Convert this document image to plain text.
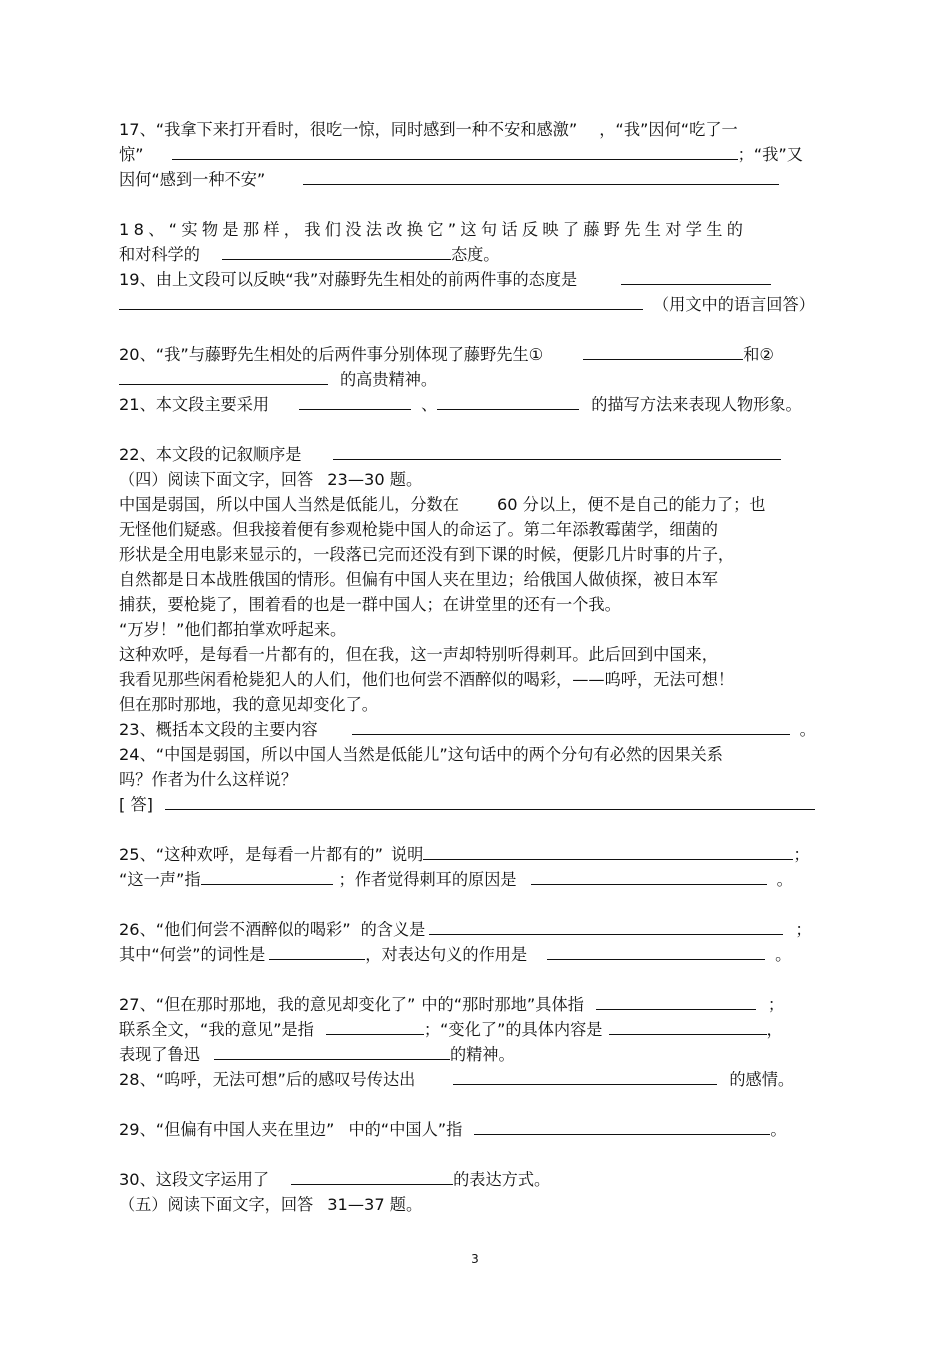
17、“我拿下来打开看时，很吃一惊，同时感到一种不安和感激” ，“我”因何“吃了一
惊”	；“我”又
因何“感到一种不安”
18、“实物是那样，我们没法改换它”这句话反映了藤野先生对学生的
和对科学的	态度。
19、由上文段可以反映“我”对藤野先生相处的前两件事的态度是
（用文中的语言回答）
20、“我”与藤野先生相处的后两件事分别体现了藤野先生①	和②
的高贵精神。
21、本文段主要采用	、	的描写方法来表现人物形象。
22、本文段的记叙顺序是
（四）阅读下面文字，回答 23—30 题。
中国是弱国，所以中国人当然是低能儿，分数在 60 分以上，便不是自己的能力了；也
无怪他们疑惑。但我接着便有参观枪毙中国人的命运了。第二年添教霉菌学，细菌的
形状是全用电影来显示的，一段落已完而还没有到下课的时候，便影几片时事的片子，
自然都是日本战胜俄国的情形。但偏有中国人夹在里边；给俄国人做侦探，被日本军
捕获，要枪毙了，围着看的也是一群中国人；在讲堂里的还有一个我。
“万岁！”他们都拍掌欢呼起来。
这种欢呼，是每看一片都有的，但在我，这一声却特别听得刺耳。此后回到中国来，
我看见那些闲看枪毙犯人的人们，他们也何尝不酒醉似的喝彩，——呜呼，无法可想！
但在那时那地，我的意见却变化了。
23、概括本文段的主要内容	。
24、“中国是弱国，所以中国人当然是低能儿”这句话中的两个分句有必然的因果关系
吗？作者为什么这样说？
[ 答]
25、“这种欢呼，是每看一片都有的” 说明	；
“这一声”指	；作者觉得刺耳的原因是	。
26、“他们何尝不酒醉似的喝彩” 的含义是	；
其中“何尝”的词性是	，对表达句义的作用是	。
27、“但在那时那地，我的意见却变化了” 中的“那时那地”具体指	；
联系全文，“我的意见”是指	；“变化了”的具体内容是	，
表现了鲁迅	的精神。
28、“呜呼，无法可想”后的感叹号传达出	的感情。
29、“但偏有中国人夹在里边” 中的“中国人”指	。
30、这段文字运用了	的表达方式。
（五）阅读下面文字，回答 31—37 题。
3
